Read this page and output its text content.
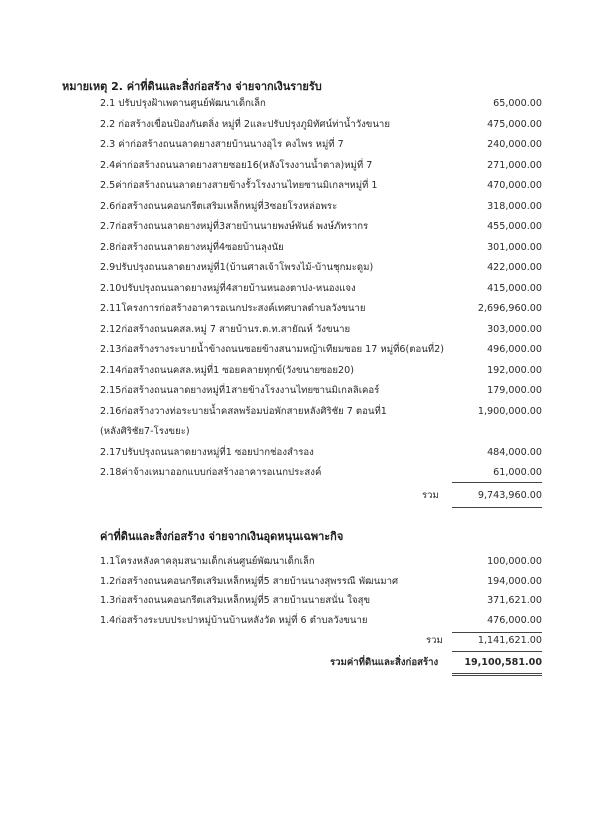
หมายเหตุ 2. ค่าที่ดินและสิ่งก่อสร้าง จ่ายจากเงินรายรับ
2.1 ปรับปรุงฝ้าเพดานศูนย์พัฒนาเด็กเล็ก	65,000.00
2.2 ก่อสร้างเขื่อนป้องกันตลิ่ง หมู่ที่ 2และปรับปรุงภูมิทัศน์ท่าน้ำวังขนาย	475,000.00
2.3 ค่าก่อสร้างถนนลาดยางสายบ้านนางอุไร คงไพร หมู่ที่ 7	240,000.00
2.4ค่าก่อสร้างถนนลาดยางสายซอย16(หลังโรงงานน้ำตาล)หมู่ที่ 7	271,000.00
2.5ค่าก่อสร้างถนนลาดยางสายข้างรั้วโรงงานไทยซานมิเกลฯหมู่ที่ 1	470,000.00
2.6ก่อสร้างถนนคอนกรีตเสริมเหล็กหมู่ที่3ซอยโรงหล่อพระ	318,000.00
2.7ก่อสร้างถนนลาดยางหมู่ที่3สายบ้านนายพงษ์พันธ์ พงษ์ภัทรากร	455,000.00
2.8ก่อสร้างถนนลาดยางหมู่ที่4ซอยบ้านลุงนัย	301,000.00
2.9ปรับปรุงถนนลาดยางหมู่ที่1(บ้านศาลเจ้าโพรงไม้-บ้านชุกมะดูม)	422,000.00
2.10ปรับปรุงถนนลาดยางหมู่ที่4สายบ้านหนองตาปง-หนองแจง	415,000.00
2.11โครงการก่อสร้างอาคารอเนกประสงค์เทศบาลตำบลวังขนาย	2,696,960.00
2.12ก่อสร้างถนนคสล.หมู่ 7 สายบ้านร.ต.ท.สายัณห์ วังขนาย	303,000.00
2.13ก่อสร้างรางระบายน้ำข้างถนนซอยข้างสนามหญ้าเทียมซอย 17 หมู่ที่6(ตอนที่2)	496,000.00
2.14ก่อสร้างถนนคสล.หมู่ที่1 ซอยคลายทุกข์(วังขนายซอย20)	192,000.00
2.15ก่อสร้างถนนลาดยางหมู่ที่1สายข้างโรงงานไทยซานมิเกลลิเคอร์	179,000.00
2.16ก่อสร้างวางท่อระบายน้ำคสลพร้อมบ่อพักสายหลังศิริชัย 7 ตอนที่1	1,900,000.00
(หลังศิริชัย7-โรงขยะ)
2.17ปรับปรุงถนนลาดยางหมู่ที่1 ซอยปากช่องสำรอง	484,000.00
2.18ค่าจ้างเหมาออกแบบก่อสร้างอาคารอเนกประสงค์	61,000.00
รวม	9,743,960.00
ค่าที่ดินและสิ่งก่อสร้าง จ่ายจากเงินอุดหนุนเฉพาะกิจ
1.1โครงหลังคาคลุมสนามเด็กเล่นศูนย์พัฒนาเด็กเล็ก	100,000.00
1.2ก่อสร้างถนนคอนกรีตเสริมเหล็กหมู่ที่5 สายบ้านนางสุพรรณี พัฒนมาศ	194,000.00
1.3ก่อสร้างถนนคอนกรีตเสริมเหล็กหมู่ที่5 สายบ้านนายสนั่น ใจสุข	371,621.00
1.4ก่อสร้างระบบประปาหมู่บ้านบ้านหลังวัด หมู่ที่ 6 ตำบลวังขนาย	476,000.00
รวม	1,141,621.00
รวมค่าที่ดินและสิ่งก่อสร้าง	19,100,581.00
